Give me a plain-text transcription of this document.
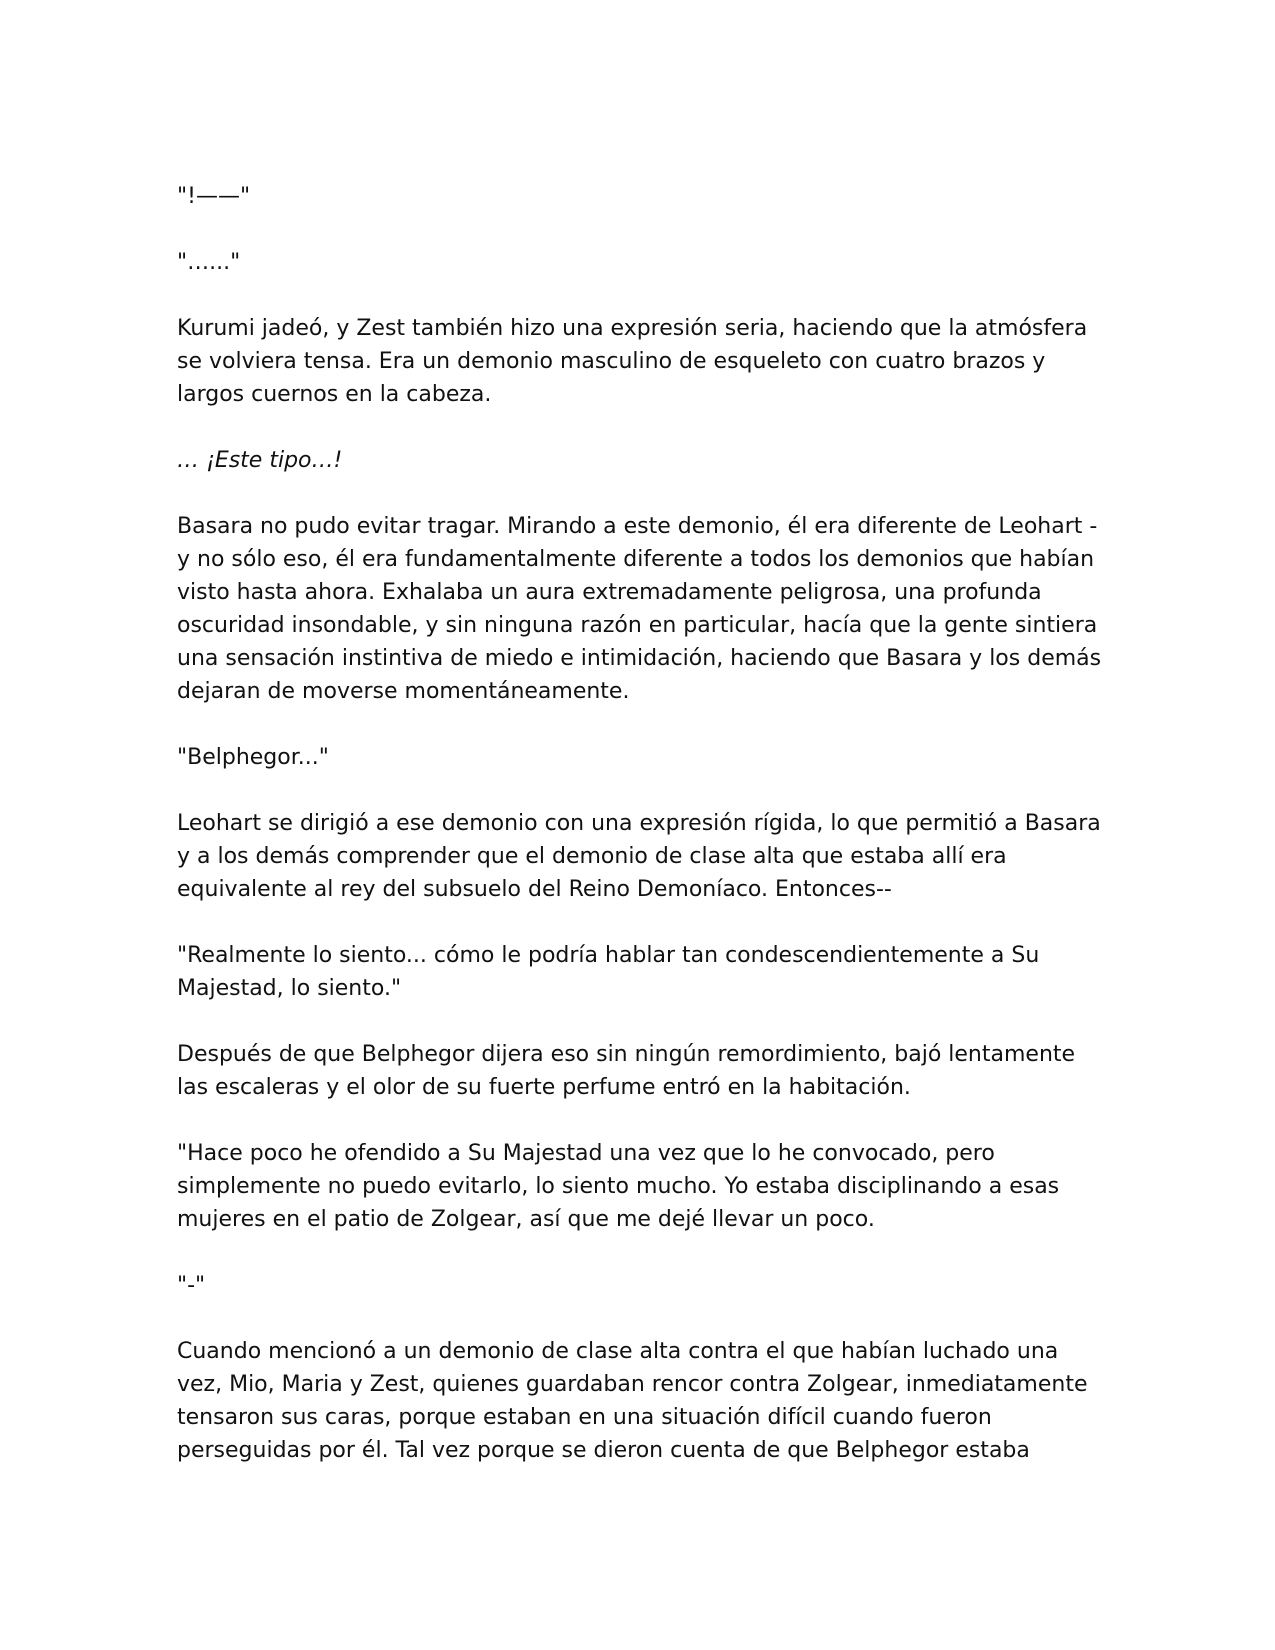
"!——"

"…..."

Kurumi jadeó, y Zest también hizo una expresión seria, haciendo que la atmósfera se volviera tensa. Era un demonio masculino de esqueleto con cuatro brazos y largos cuernos en la cabeza.

… ¡Este tipo…!

Basara no pudo evitar tragar. Mirando a este demonio, él era diferente de Leohart - y no sólo eso, él era fundamentalmente diferente a todos los demonios que habían visto hasta ahora. Exhalaba un aura extremadamente peligrosa, una profunda oscuridad insondable, y sin ninguna razón en particular, hacía que la gente sintiera una sensación instintiva de miedo e intimidación, haciendo que Basara y los demás dejaran de moverse momentáneamente.

"Belphegor..."

Leohart se dirigió a ese demonio con una expresión rígida, lo que permitió a Basara y a los demás comprender que el demonio de clase alta que estaba allí era equivalente al rey del subsuelo del Reino Demoníaco. Entonces--

"Realmente lo siento... cómo le podría hablar tan condescendientemente a Su Majestad, lo siento."

Después de que Belphegor dijera eso sin ningún remordimiento, bajó lentamente las escaleras y el olor de su fuerte perfume entró en la habitación.

"Hace poco he ofendido a Su Majestad una vez que lo he convocado, pero simplemente no puedo evitarlo, lo siento mucho. Yo estaba disciplinando a esas mujeres en el patio de Zolgear, así que me dejé llevar un poco.

"-"

Cuando mencionó a un demonio de clase alta contra el que habían luchado una vez, Mio, Maria y Zest, quienes guardaban rencor contra Zolgear, inmediatamente tensaron sus caras, porque estaban en una situación difícil cuando fueron perseguidas por él. Tal vez porque se dieron cuenta de que Belphegor estaba
